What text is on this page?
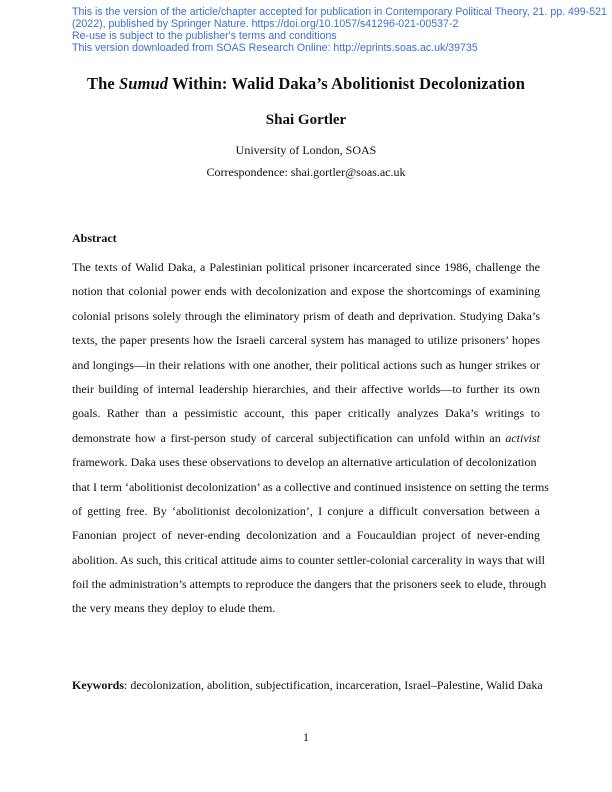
This is the version of the article/chapter accepted for publication in Contemporary Political Theory, 21. pp. 499-521
(2022), published by Springer Nature. https://doi.org/10.1057/s41296-021-00537-2
Re-use is subject to the publisher's terms and conditions
This version downloaded from SOAS Research Online: http://eprints.soas.ac.uk/39735
The Sumud Within: Walid Daka’s Abolitionist Decolonization
Shai Gortler
University of London, SOAS
Correspondence: shai.gortler@soas.ac.uk
Abstract
The texts of Walid Daka, a Palestinian political prisoner incarcerated since 1986, challenge the
notion that colonial power ends with decolonization and expose the shortcomings of examining
colonial prisons solely through the eliminatory prism of death and deprivation. Studying Daka’s
texts, the paper presents how the Israeli carceral system has managed to utilize prisoners’ hopes
and longings—in their relations with one another, their political actions such as hunger strikes or
their building of internal leadership hierarchies, and their affective worlds—to further its own
goals. Rather than a pessimistic account, this paper critically analyzes Daka’s writings to
demonstrate how a first-person study of carceral subjectification can unfold within an activist
framework. Daka uses these observations to develop an alternative articulation of decolonization
that I term ‘abolitionist decolonization’ as a collective and continued insistence on setting the terms
of getting free. By ‘abolitionist decolonization’, I conjure a difficult conversation between a
Fanonian project of never-ending decolonization and a Foucauldian project of never-ending
abolition. As such, this critical attitude aims to counter settler-colonial carcerality in ways that will
foil the administration’s attempts to reproduce the dangers that the prisoners seek to elude, through
the very means they deploy to elude them.
Keywords: decolonization, abolition, subjectification, incarceration, Israel–Palestine, Walid Daka
1
